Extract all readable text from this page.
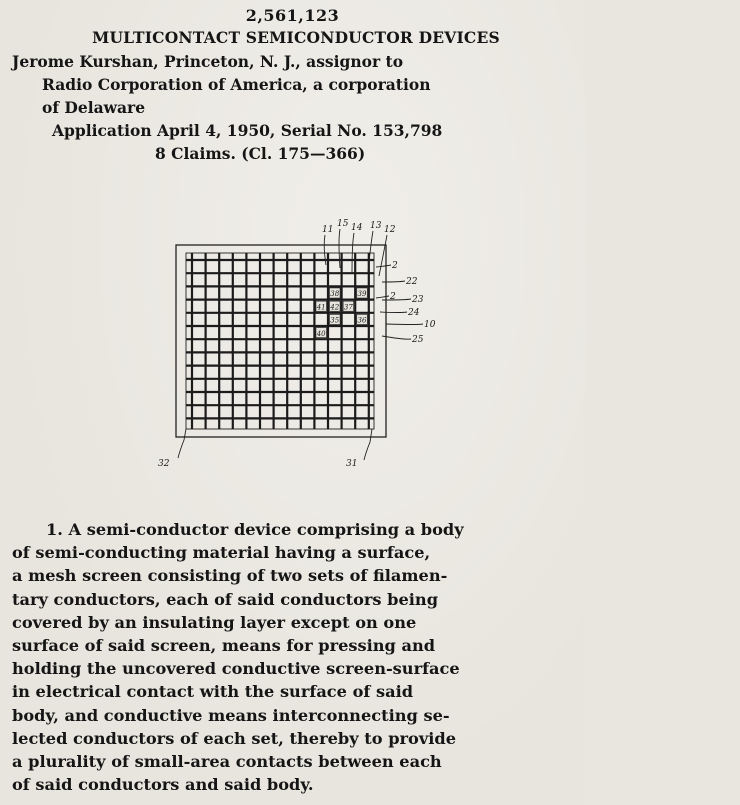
2,561,123
MULTICONTACT SEMICONDUCTOR DEVICES
Jerome Kurshan, Princeton, N. J., assignor to
Radio Corporation of America, a corporation
of Delaware
Application April 4, 1950, Serial No. 153,798
8 Claims. (Cl. 175—366)
38	39
41 42 37
35	36
40
11
15 14 13 12
2
22
2 23
24
10
25
32	31
1. A semi-conductor device comprising a body
of semi-conducting material having a surface,
a mesh screen consisting of two sets of filamen-
tary conductors, each of said conductors being
covered by an insulating layer except on one
surface of said screen, means for pressing and
holding the uncovered conductive screen-surface
in electrical contact with the surface of said
body, and conductive means interconnecting se-
lected conductors of each set, thereby to provide
a plurality of small-area contacts between each
of said conductors and said body.
